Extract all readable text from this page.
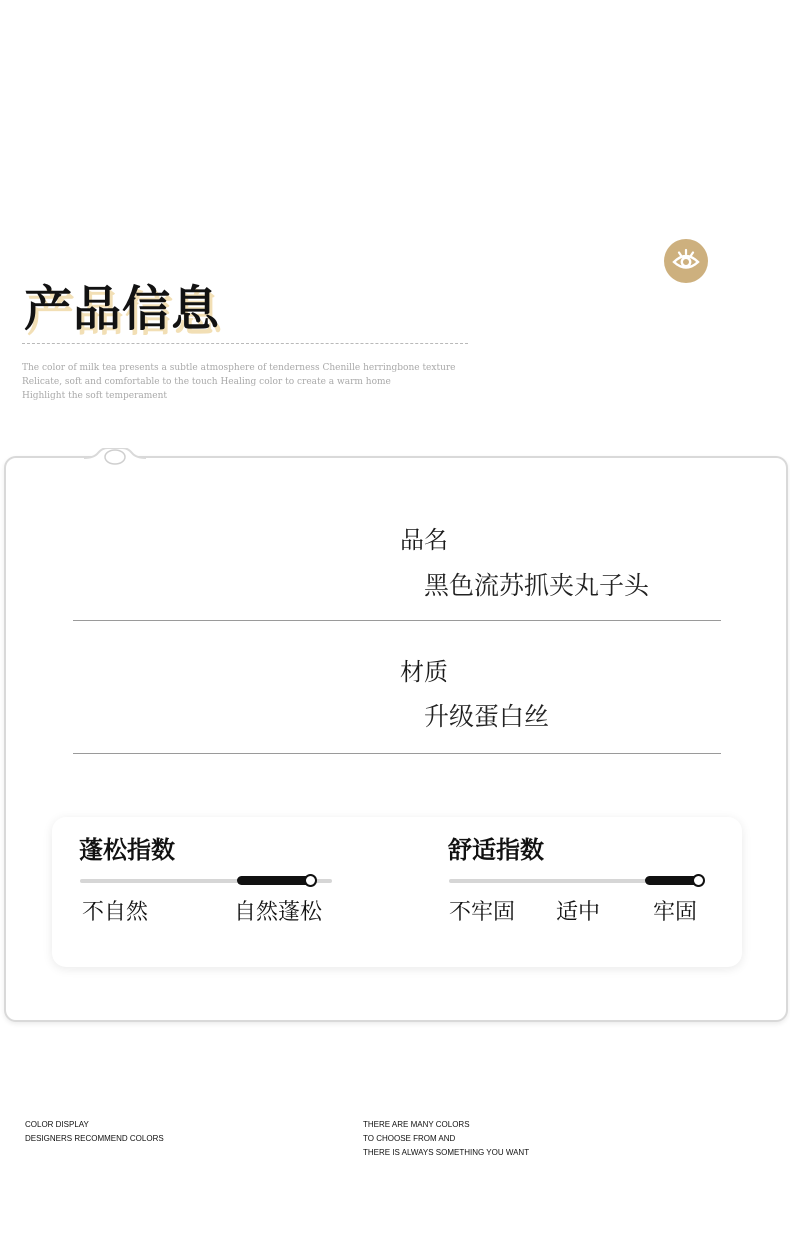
产品信息
The color of milk tea presents a subtle atmosphere of tenderness Chenille herringbone texture
Relicate, soft and comfortable to the touch Healing color to create a warm home
Highlight the soft temperament
品名
黑色流苏抓夹丸子头
材质
升级蛋白丝
蓬松指数
不自然	自然蓬松
舒适指数
不牢固 适中 牢固
COLOR DISPLAY
DESIGNERS RECOMMEND COLORS
THERE ARE MANY COLORS
TO CHOOSE FROM AND
THERE IS ALWAYS SOMETHING YOU WANT
